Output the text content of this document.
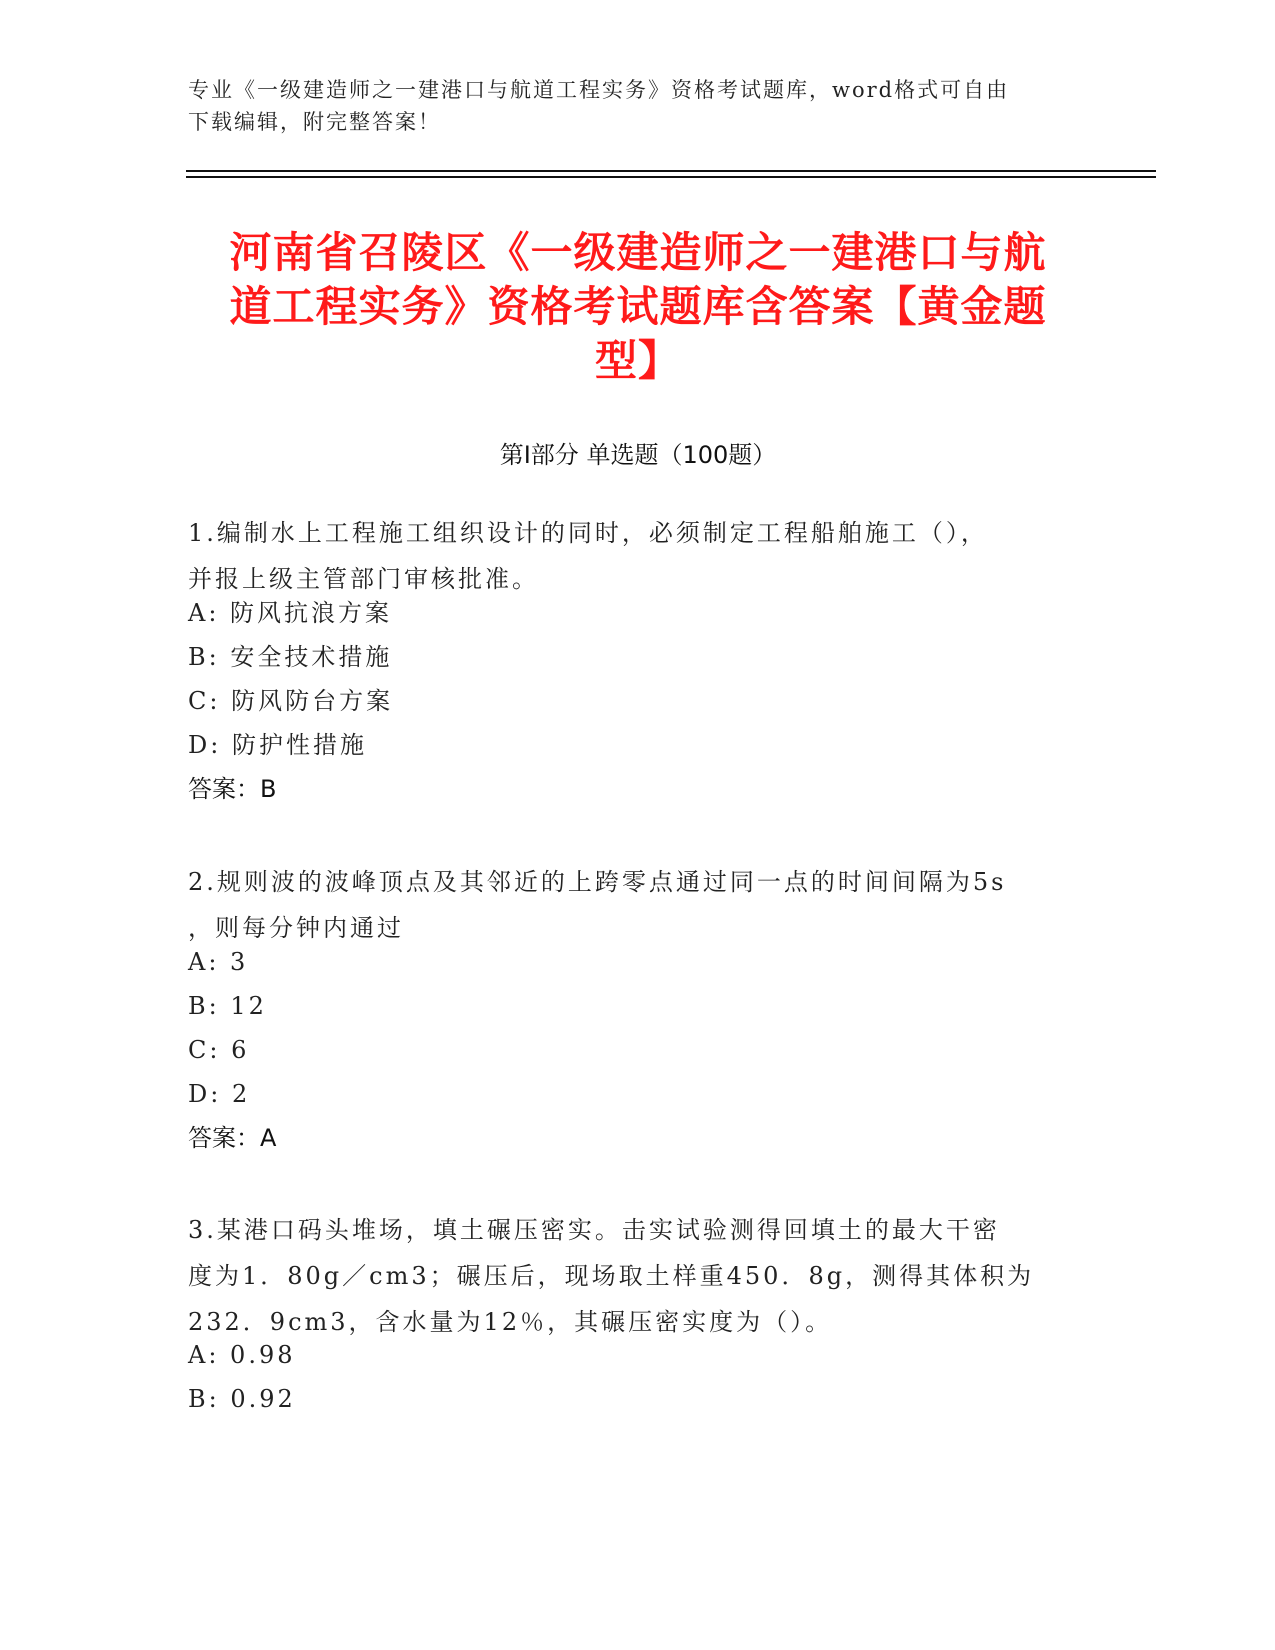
专业《一级建造师之一建港口与航道工程实务》资格考试题库，word格式可自由
下载编辑，附完整答案！
河南省召陵区《一级建造师之一建港口与航
道工程实务》资格考试题库含答案【黄金题
型】
第Ⅰ部分 单选题（100题）
1.编制水上工程施工组织设计的同时，必须制定工程船舶施工（），
并报上级主管部门审核批准。
A: 防风抗浪方案
B: 安全技术措施
C: 防风防台方案
D: 防护性措施
答案：B
2.规则波的波峰顶点及其邻近的上跨零点通过同一点的时间间隔为5s
，则每分钟内通过
A: 3
B: 12
C: 6
D: 2
答案：A
3.某港口码头堆场，填土碾压密实。击实试验测得回填土的最大干密
度为1．80g／cm3；碾压后，现场取土样重450．8g，测得其体积为
232．9cm3，含水量为12％，其碾压密实度为（）。
A: 0.98
B: 0.92
